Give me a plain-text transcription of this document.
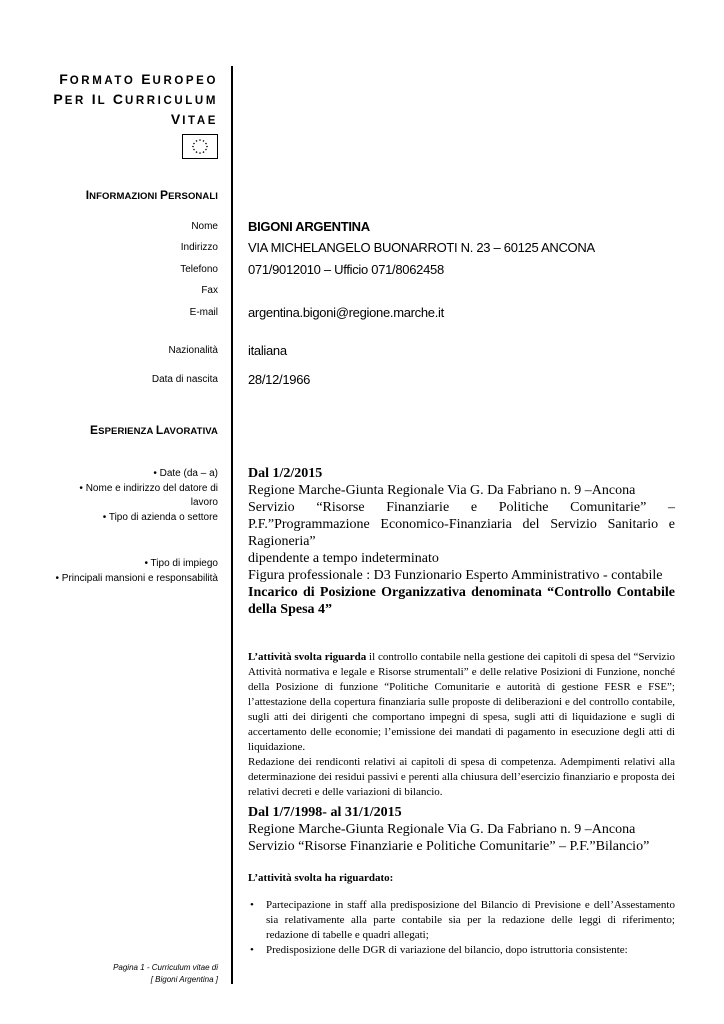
FORMATO EUROPEO
PER IL CURRICULUM
VITAE
INFORMAZIONI PERSONALI
Nome BIGONI ARGENTINA
Indirizzo VIA MICHELANGELO BUONARROTI N. 23 – 60125 ANCONA
Telefono 071/9012010 – Ufficio 071/8062458
Fax
E-mail argentina.bigoni@regione.marche.it
Nazionalità italiana
Data di nascita 28/12/1966
ESPERIENZA LAVORATIVA
• Date (da – a)
• Nome e indirizzo del datore di lavoro
• Tipo di azienda o settore
• Tipo di impiego
• Principali mansioni e responsabilità

Dal 1/2/2015

Regione Marche-Giunta Regionale Via G. Da Fabriano n. 9 –Ancona

Servizio “Risorse Finanziarie e Politiche Comunitarie” – P.F.”Programmazione Economico-Finanziaria del Servizio Sanitario e Ragioneria”

dipendente a tempo indeterminato

Figura professionale : D3 Funzionario Esperto Amministrativo - contabile

Incarico di Posizione Organizzativa denominata “Controllo Contabile della Spesa 4”

L’attività svolta riguarda il controllo contabile nella gestione dei capitoli di spesa del “Servizio Attività normativa e legale e Risorse strumentali” e delle relative Posizioni di Funzione, nonché della Posizione di funzione “Politiche Comunitarie e autorità di gestione FESR e FSE”; l’attestazione della copertura finanziaria sulle proposte di deliberazioni e del controllo contabile, sugli atti dei dirigenti che comportano impegni di spesa, sugli atti di liquidazione e sugli di accertamento delle economie; l’emissione dei mandati di pagamento in esecuzione degli atti di liquidazione.

Redazione dei rendiconti relativi ai capitoli di spesa di competenza. Adempimenti relativi alla determinazione dei residui passivi e perenti alla chiusura dell’esercizio finanziario e proposta dei relativi decreti e delle variazioni di bilancio.

Dal 1/7/1998- al 31/1/2015

Regione Marche-Giunta Regionale Via G. Da Fabriano n. 9 –Ancona

Servizio “Risorse Finanziarie e Politiche Comunitarie” – P.F.”Bilancio”

L’attività svolta ha riguardato:

• Partecipazione in staff alla predisposizione del Bilancio di Previsione e dell’Assestamento sia relativamente alla parte contabile sia per la redazione delle leggi di riferimento; redazione di tabelle e quadri allegati;
• Predisposizione delle DGR di variazione del bilancio, dopo istruttoria consistente:
Pagina 1 - Curriculum vitae di
[ Bigoni Argentina ]
